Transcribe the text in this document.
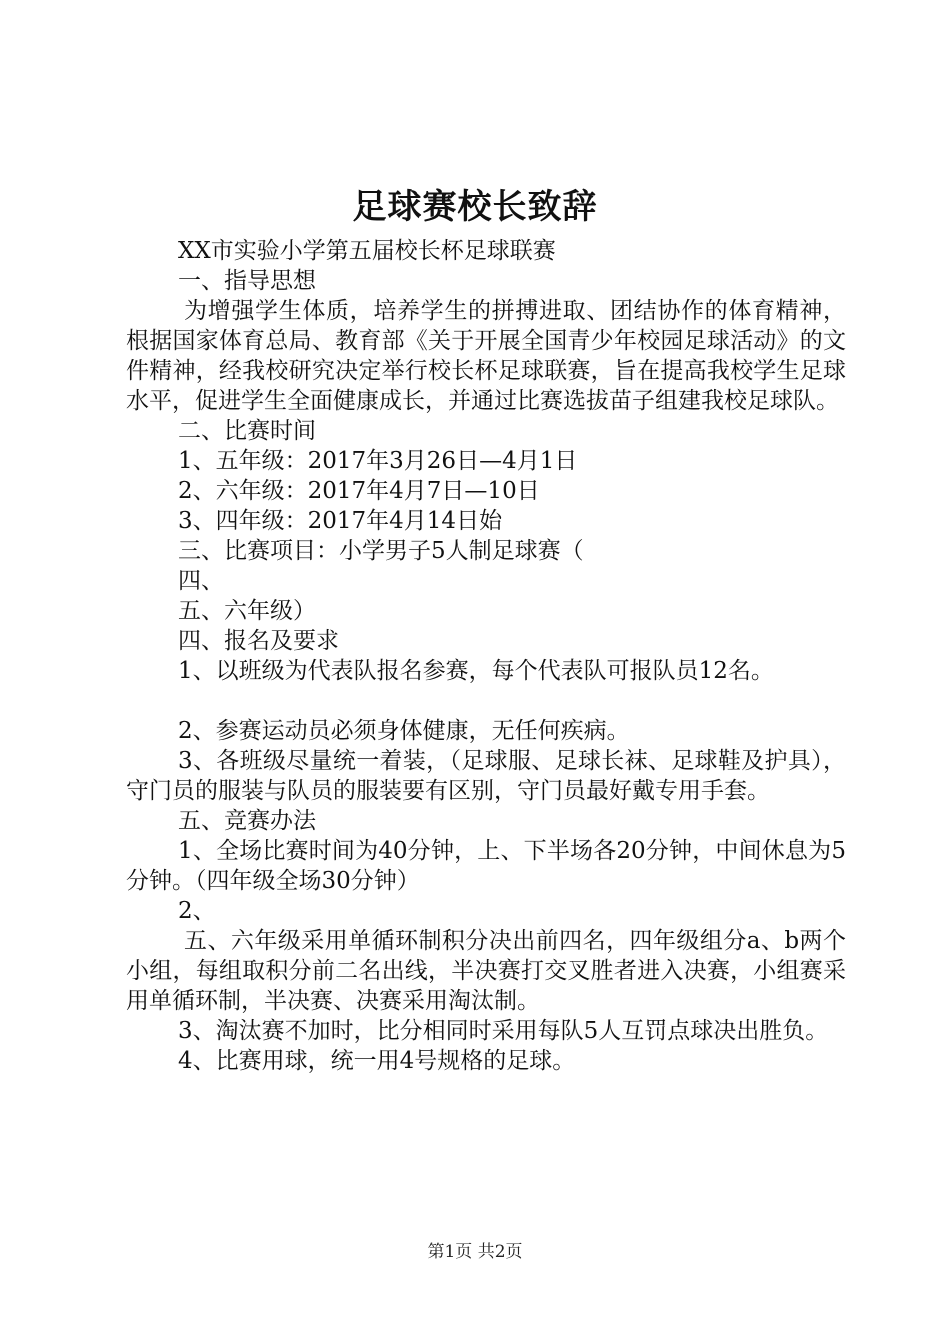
足球赛校长致辞
XX市实验小学第五届校长杯足球联赛
一、指导思想
为增强学生体质，培养学生的拼搏进取、团结协作的体育精神，根据国家体育总局、教育部《关于开展全国青少年校园足球活动》的文件精神，经我校研究决定举行校长杯足球联赛，旨在提高我校学生足球水平，促进学生全面健康成长，并通过比赛选拔苗子组建我校足球队。
二、比赛时间
1、五年级：2017年3月26日—4月1日
2、六年级：2017年4月7日—10日
3、四年级：2017年4月14日始
三、比赛项目：小学男子5人制足球赛（
四、
五、六年级）
四、报名及要求
1、以班级为代表队报名参赛，每个代表队可报队员12名。
2、参赛运动员必须身体健康，无任何疾病。
3、各班级尽量统一着装，（足球服、足球长袜、足球鞋及护具），守门员的服装与队员的服装要有区别，守门员最好戴专用手套。
五、竞赛办法
1、全场比赛时间为40分钟，上、下半场各20分钟，中间休息为5分钟。（四年级全场30分钟）
2、
五、六年级采用单循环制积分决出前四名，四年级组分a、b两个小组，每组取积分前二名出线，半决赛打交叉胜者进入决赛，小组赛采用单循环制，半决赛、决赛采用淘汰制。
3、淘汰赛不加时，比分相同时采用每队5人互罚点球决出胜负。
4、比赛用球，统一用4号规格的足球。
第1页 共2页
